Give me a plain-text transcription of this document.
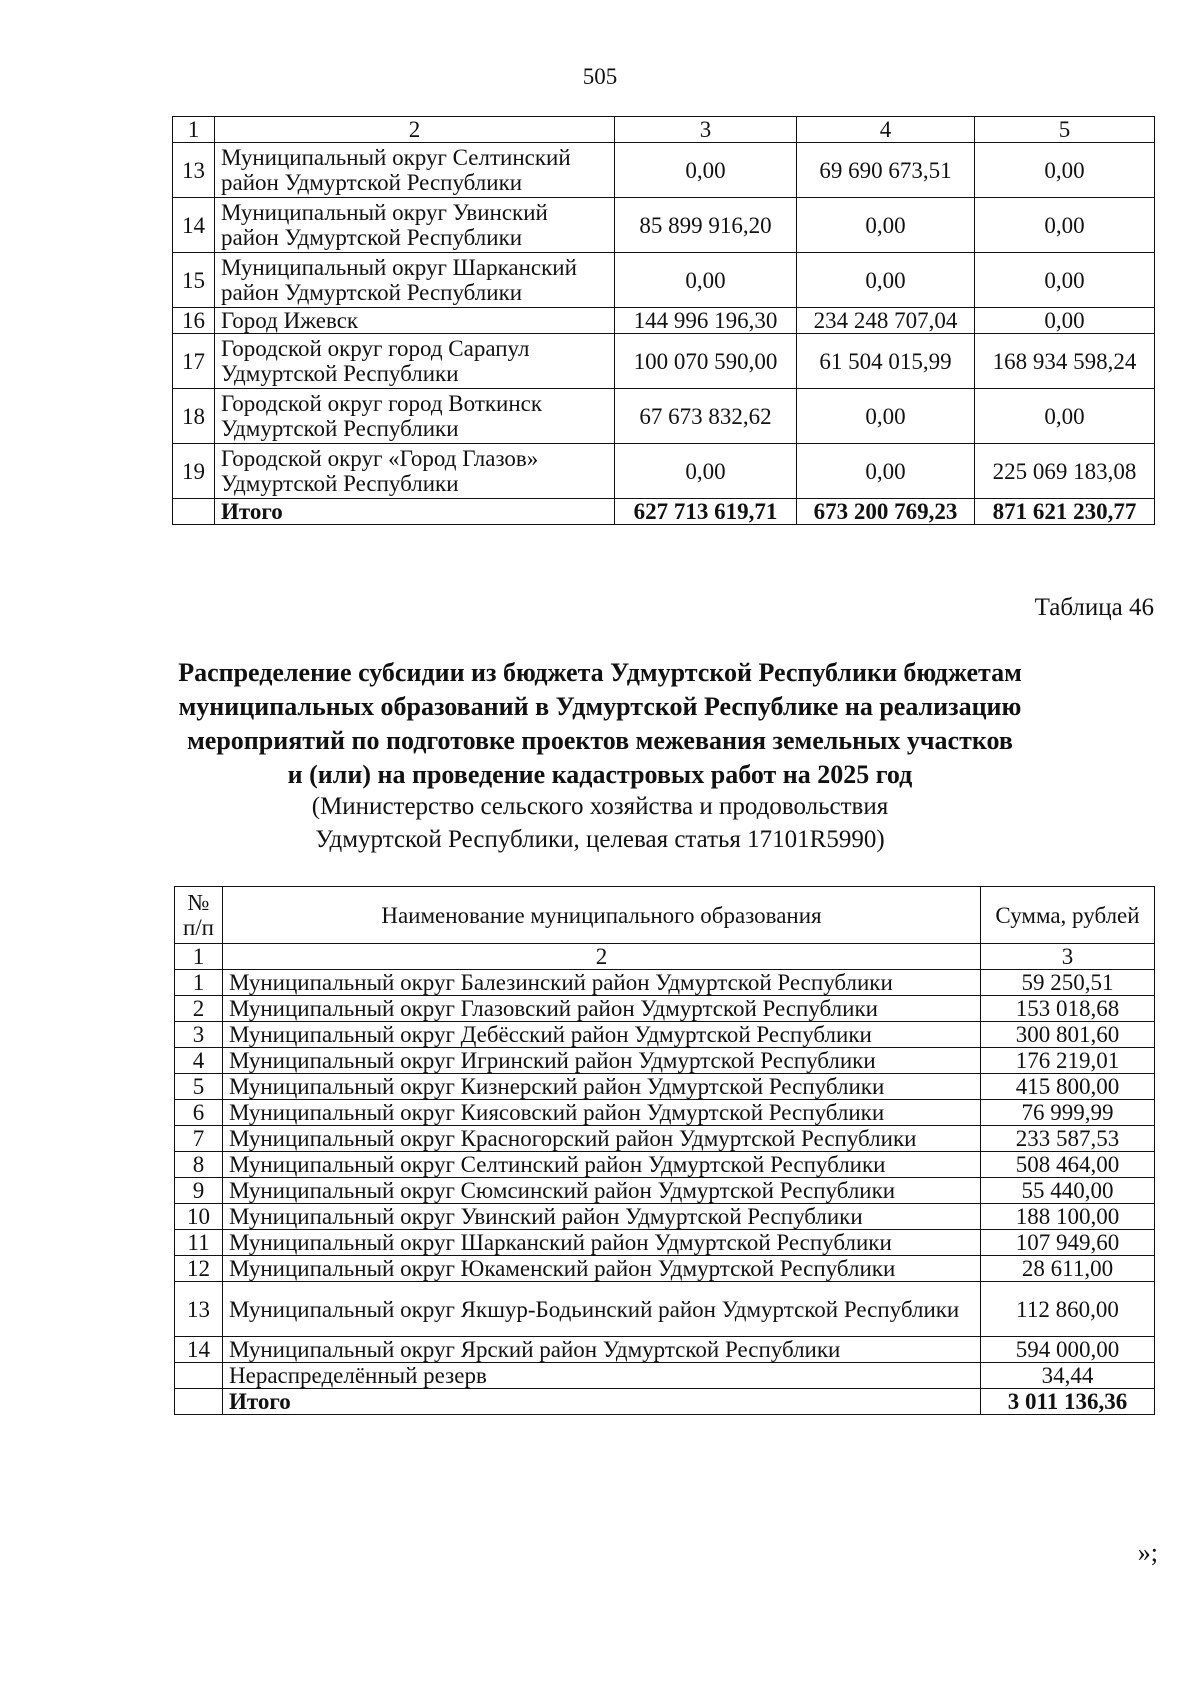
505
1	2	3	4	5
13	Муниципальный округ Селтинский район Удмуртской Республики	0,00	69 690 673,51	0,00
14	Муниципальный округ Увинский район Удмуртской Республики	85 899 916,20	0,00	0,00
15	Муниципальный округ Шарканский район Удмуртской Республики	0,00	0,00	0,00
16	Город Ижевск	144 996 196,30	234 248 707,04	0,00
17	Городской округ город Сарапул Удмуртской Республики	100 070 590,00	61 504 015,99	168 934 598,24
18	Городской округ город Воткинск Удмуртской Республики	67 673 832,62	0,00	0,00
19	Городской округ «Город Глазов» Удмуртской Республики	0,00	0,00	225 069 183,08
	Итого	627 713 619,71	673 200 769,23	871 621 230,77
Таблица 46
Распределение субсидии из бюджета Удмуртской Республики бюджетам
муниципальных образований в Удмуртской Республике на реализацию
мероприятий по подготовке проектов межевания земельных участков
и (или) на проведение кадастровых работ на 2025 год
(Министерство сельского хозяйства и продовольствия
Удмуртской Республики, целевая статья 17101R5990)
№ п/п	Наименование муниципального образования	Сумма, рублей
1	2	3
1	Муниципальный округ Балезинский район Удмуртской Республики	59 250,51
2	Муниципальный округ Глазовский район Удмуртской Республики	153 018,68
3	Муниципальный округ Дебёсский район Удмуртской Республики	300 801,60
4	Муниципальный округ Игринский район Удмуртской Республики	176 219,01
5	Муниципальный округ Кизнерский район Удмуртской Республики	415 800,00
6	Муниципальный округ Киясовский район Удмуртской Республики	76 999,99
7	Муниципальный округ Красногорский район Удмуртской Республики	233 587,53
8	Муниципальный округ Селтинский район Удмуртской Республики	508 464,00
9	Муниципальный округ Сюмсинский район Удмуртской Республики	55 440,00
10	Муниципальный округ Увинский район Удмуртской Республики	188 100,00
11	Муниципальный округ Шарканский район Удмуртской Республики	107 949,60
12	Муниципальный округ Юкаменский район Удмуртской Республики	28 611,00
13	Муниципальный округ Якшур-Бодьинский район Удмуртской Республики	112 860,00
14	Муниципальный округ Ярский район Удмуртской Республики	594 000,00
	Нераспределённый резерв	34,44
	Итого	3 011 136,36
»;
